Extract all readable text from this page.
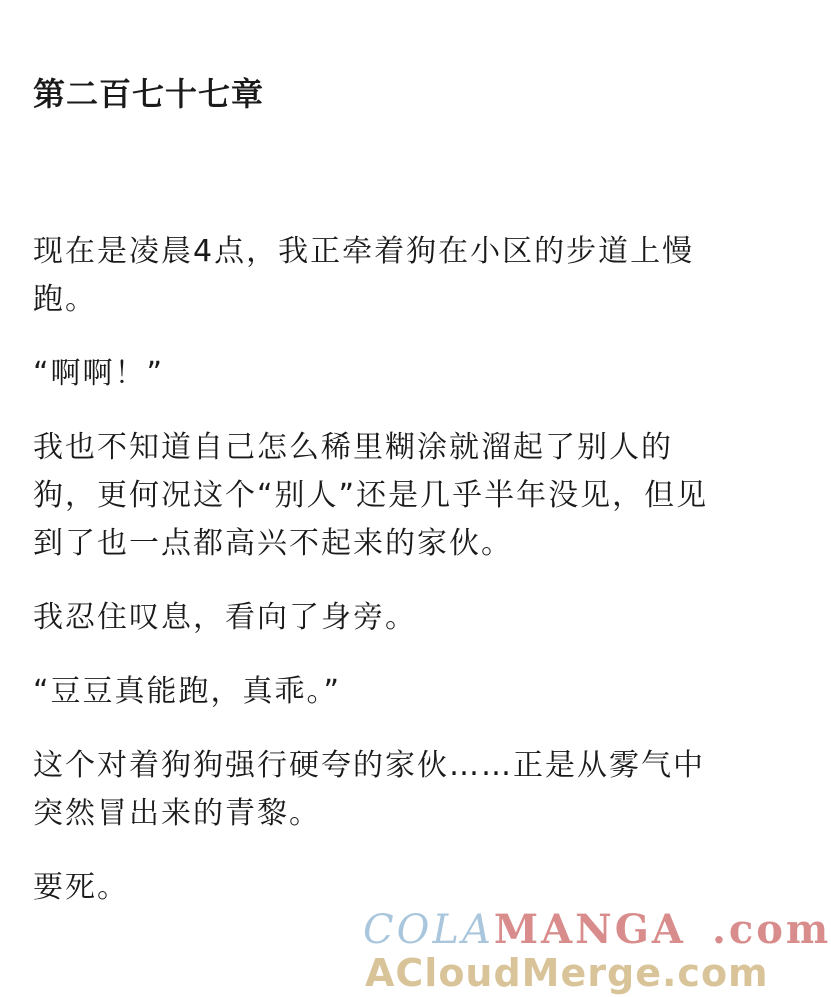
第二百七十七章

现在是凌晨4点，我正牵着狗在小区的步道上慢跑。

“啊啊！”

我也不知道自己怎么稀里糊涂就溜起了别人的狗，更何况这个“别人”还是几乎半年没见，但见到了也一点都高兴不起来的家伙。

我忍住叹息，看向了身旁。

“豆豆真能跑，真乖。”

这个对着狗狗强行硬夸的家伙……正是从雾气中突然冒出来的青黎。

要死。

COLAMANGA .com
ACloudMerge.com
